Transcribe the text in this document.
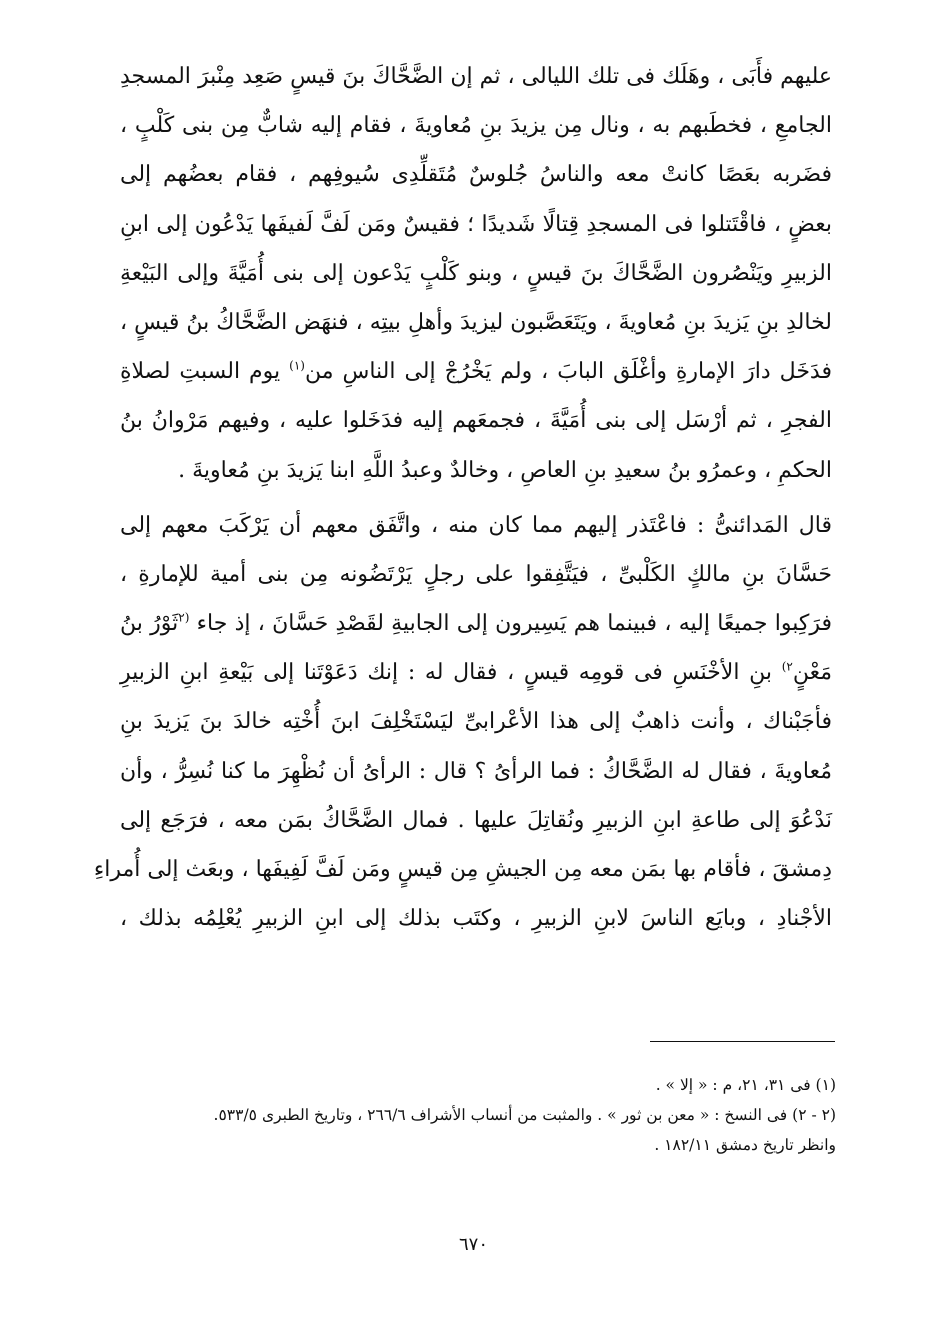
عليهم فأَبَى ، وهَلَك فى تلك الليالى ، ثم إن الضَّحَّاكَ بنَ قيسٍ صَعِد مِنْبرَ المسجدِ
الجامعِ ، فخطَبهم به ، ونال مِن يزيدَ بنِ مُعاويةَ ، فقام إليه شابٌّ مِن بنى كَلْبٍ ،
فضَربه بعَصًا كانتْ معه والناسُ جُلوسٌ مُتَقلِّدِى سُيوفِهم ، فقام بعضُهم إلى
بعضٍ ، فاقْتَتلوا فى المسجدِ قِتالًا شَديدًا ؛ فقيسٌ ومَن لَفَّ لَفيفَها يَدْعُون إلى ابنِ
الزبيرِ ويَنْصُرون الضَّحَّاكَ بنَ قيسٍ ، وبنو كَلْبٍ يَدْعون إلى بنى أُمَيَّةَ وإلى البَيْعةِ
لخالدِ بنِ يَزيدَ بنِ مُعاويةَ ، ويَتَعَصَّبون ليزيدَ وأهلِ بيتِه ، فنهَض الضَّحَّاكُ بنُ قيسٍ ،
فدَخَل دارَ الإمارةِ وأغْلَق البابَ ، ولم يَخْرُجْ إلى الناسِ من$^{(١)}$ يوم السبتِ لصلاةِ
الفجرِ ، ثم أرْسَل إلى بنى أُمَيَّةَ ، فجمعَهم إليه فدَخَلوا عليه ، وفيهم مَرْوانُ بنُ
الحكمِ ، وعمرُو بنُ سعيدِ بنِ العاصِ ، وخالدٌ وعبدُ اللَّهِ ابنا يَزيدَ بنِ مُعاويةَ .
قال المَدائنىُّ : فاعْتَذر إليهم مما كان منه ، واتَّفَق معهم أن يَرْكَبَ معهم إلى
حَسَّانَ بنِ مالكٍ الكَلْبىِّ ، فيَتَّفِقوا على رجلٍ يَرْتَضُونه مِن بنى أمية للإمارةِ ،
فرَكِبوا جميعًا إليه ، فبينما هم يَسِيرون إلى الجابيةِ لقَصْدِ حَسَّانَ ، إذ جاء $^{(٢}$ثَوْرُ بنُ
مَعْنٍ$^{٢)}$ بنِ الأخْنَسِ فى قومِه قيسٍ ، فقال له : إنك دَعَوْتَنا إلى بَيْعةِ ابنِ الزبيرِ
فأجَبْناك ، وأنت ذاهبٌ إلى هذا الأعْرابىِّ ليَسْتَخْلِفَ ابنَ أُخْتِه خالدَ بنَ يَزيدَ بنِ
مُعاويةَ ، فقال له الضَّحَّاكُ : فما الرأىُ ؟ قال : الرأىُ أن نُظْهِرَ ما كنا نُسِرُّ ، وأن
نَدْعُوَ إلى طاعةِ ابنِ الزبيرِ ونُقاتِلَ عليها . فمال الضَّحَّاكُ بمَن معه ، فرَجَع إلى
دِمشقَ ، فأقام بها بمَن معه مِن الجيشِ مِن قيسٍ ومَن لَفَّ لَفِيفَها ، وبعَث إلى أُمراءِ
الأجْنادِ ، وبايَع الناسَ لابنِ الزبيرِ ، وكتَب بذلك إلى ابنِ الزبيرِ يُعْلِمُه بذلك ،
(١) فى ٣١، ٢١، م : « إلا » .
(٢ - ٢) فى النسخ : « معن بن ثور » . والمثبت من أنساب الأشراف ٢٦٦/٦ ، وتاريخ الطبرى ٥٣٣/٥.
وانظر تاريخ دمشق ١٨٢/١١ .
٦٧٠
